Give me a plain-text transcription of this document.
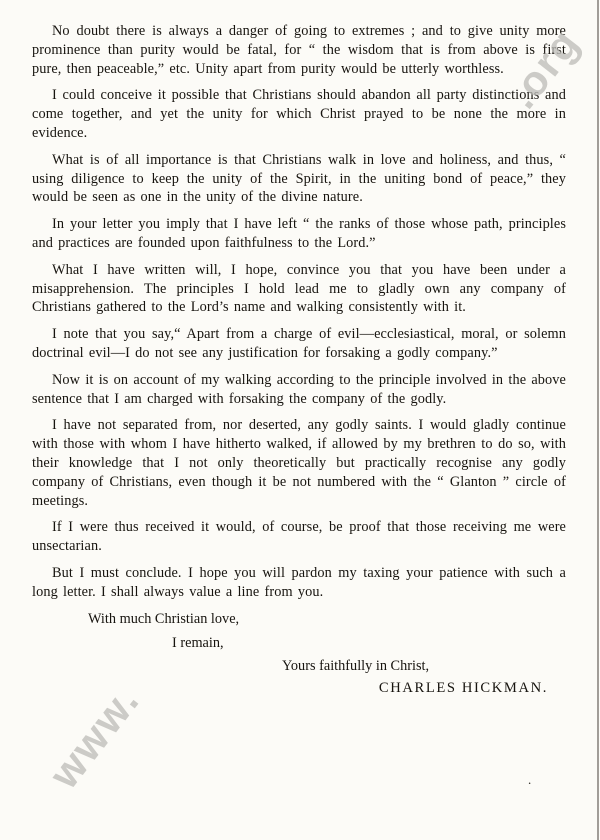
No doubt there is always a danger of going to extremes ; and to give unity more prominence than purity would be fatal, for “ the wisdom that is from above is first pure, then peaceable,” etc. Unity apart from purity would be utterly worthless.

I could conceive it possible that Christians should abandon all party distinctions and come together, and yet the unity for which Christ prayed to be none the more in evidence.

What is of all importance is that Christians walk in love and holiness, and thus, “ using diligence to keep the unity of the Spirit, in the uniting bond of peace,” they would be seen as one in the unity of the divine nature.

In your letter you imply that I have left “ the ranks of those whose path, principles and practices are founded upon faithfulness to the Lord.”

What I have written will, I hope, convince you that you have been under a misapprehension. The principles I hold lead me to gladly own any company of Christians gathered to the Lord’s name and walking consistently with it.

I note that you say,“ Apart from a charge of evil—ecclesiastical, moral, or solemn doctrinal evil—I do not see any justification for forsaking a godly company.”

Now it is on account of my walking according to the principle involved in the above sentence that I am charged with forsaking the company of the godly.

I have not separated from, nor deserted, any godly saints. I would gladly continue with those with whom I have hitherto walked, if allowed by my brethren to do so, with their knowledge that I not only theoretically but practically recognise any godly company of Christians, even though it be not numbered with the “ Glanton ” circle of meetings.

If I were thus received it would, of course, be proof that those receiving me were unsectarian.

But I must conclude. I hope you will pardon my taxing your patience with such a long letter. I shall always value a line from you.

With much Christian love,
I remain,
Yours faithfully in Christ,
CHARLES HICKMAN.
.
.org
www.
